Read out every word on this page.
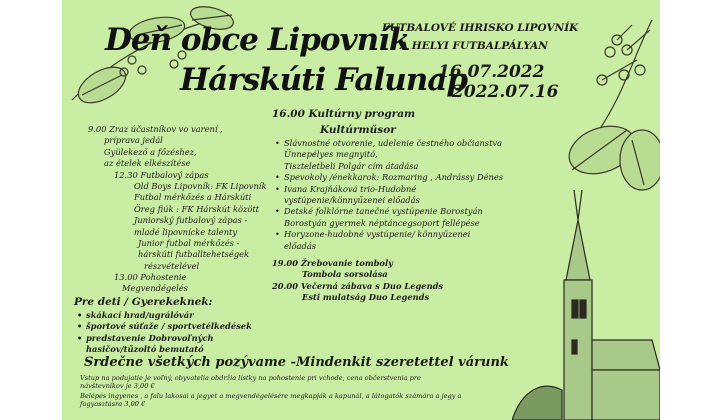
Deň obce Lipovník
Hárskúti Falunap
FUTBALOVÉ IHRISKO LIPOVNÍK
A HELYI FUTBALPÁLYAN
16.07.2022
2022.07.16
9.00 Zraz účastníkov vo varení ,
príprava jedál
Gyülekező a főzéshez,
az ételek elkészítése
12.30 Futbalový zápas
Old Boys Lipovník: FK Lipovník
Futbal mérkőzés a Hárskúti
Öreg fiúk : FK Hárskút között
Juniorský futbalový zápas -
mladé lipovnícke talenty
Junior futbal mérkőzés -
hárskúti futballtehetségek
részvételével
13.00 Pohostenie
Megvendégelés
Pre deti / Gyerekeknek:
• skákací hrad/ugrálóvár
• športové súťaže / sportvetélkedések
• predstavenie Dobrovoľných
hasičov/tűzoltó bemutató
16.00 Kultúrny program
Kultúrműsor
• Slávnostné otvorenie, udelenie čestného občianstva
Ünnepélyes megnyitó,
Tiszteletbeli Polgár cím átadása
• Spevokoly /énekkarok: Rozmaring , Andrássy Dénes
• Ivana Krajňáková trio-Hudobné
vystúpenie/könnyűzenei előadás
• Detské folklórne tanečné vystúpenie Borostyán
Borostyán gyermek néptáncegsoport fellépése
• Horyzone-hudobné vystúpenie/ könnyűzenei
előadás
19.00 Žrebovanie tomboly
Tombola sorsolása
20.00 Večerná zábava s Duo Legends
Esti mulatság Duo Legends
Srdečne všetkých pozývame -Mindenkit szeretettel várunk
Vstup na podujatie je voľný, obyvatelia obdržia lístky na pohostenie pri vchode, cena občerstvenia pre
návštevníkov je 3,00 €
Belépés ingyenes , a falu lakosai a jegyet a megvendégelésére megkapják a kapunál, a látogatók számára a jegy a
fogyasztásra 3,00 €
